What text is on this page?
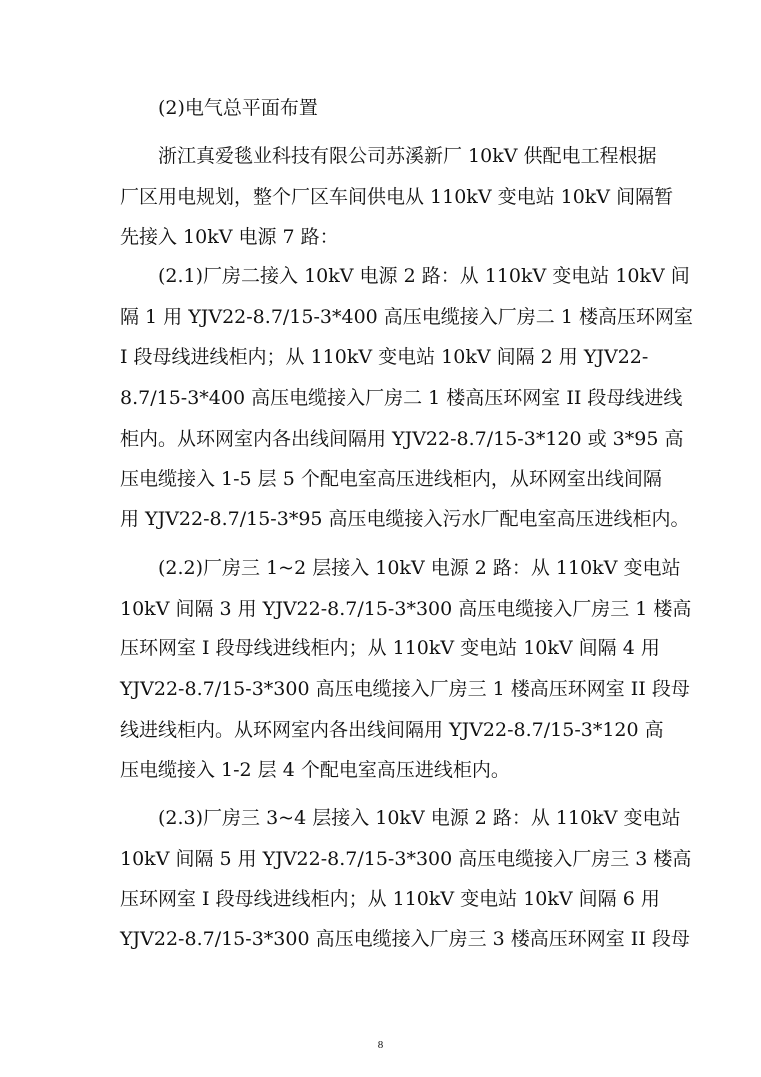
(2)电气总平面布置
浙江真爱毯业科技有限公司苏溪新厂 10kV 供配电工程根据
厂区用电规划，整个厂区车间供电从 110kV 变电站 10kV 间隔暂
先接入 10kV 电源 7 路：
(2.1)厂房二接入 10kV 电源 2 路：从 110kV 变电站 10kV 间
隔 1 用 YJV22-8.7/15-3*400 高压电缆接入厂房二 1 楼高压环网室
I 段母线进线柜内；从 110kV 变电站 10kV 间隔 2 用 YJV22-
8.7/15-3*400 高压电缆接入厂房二 1 楼高压环网室 II 段母线进线
柜内。从环网室内各出线间隔用 YJV22-8.7/15-3*120 或 3*95 高
压电缆接入 1-5 层 5 个配电室高压进线柜内，从环网室出线间隔
用 YJV22-8.7/15-3*95 高压电缆接入污水厂配电室高压进线柜内。
(2.2)厂房三 1~2 层接入 10kV 电源 2 路：从 110kV 变电站
10kV 间隔 3 用 YJV22-8.7/15-3*300 高压电缆接入厂房三 1 楼高
压环网室 I 段母线进线柜内；从 110kV 变电站 10kV 间隔 4 用
YJV22-8.7/15-3*300 高压电缆接入厂房三 1 楼高压环网室 II 段母
线进线柜内。从环网室内各出线间隔用 YJV22-8.7/15-3*120 高
压电缆接入 1-2 层 4 个配电室高压进线柜内。
(2.3)厂房三 3~4 层接入 10kV 电源 2 路：从 110kV 变电站
10kV 间隔 5 用 YJV22-8.7/15-3*300 高压电缆接入厂房三 3 楼高
压环网室 I 段母线进线柜内；从 110kV 变电站 10kV 间隔 6 用
YJV22-8.7/15-3*300 高压电缆接入厂房三 3 楼高压环网室 II 段母
8
